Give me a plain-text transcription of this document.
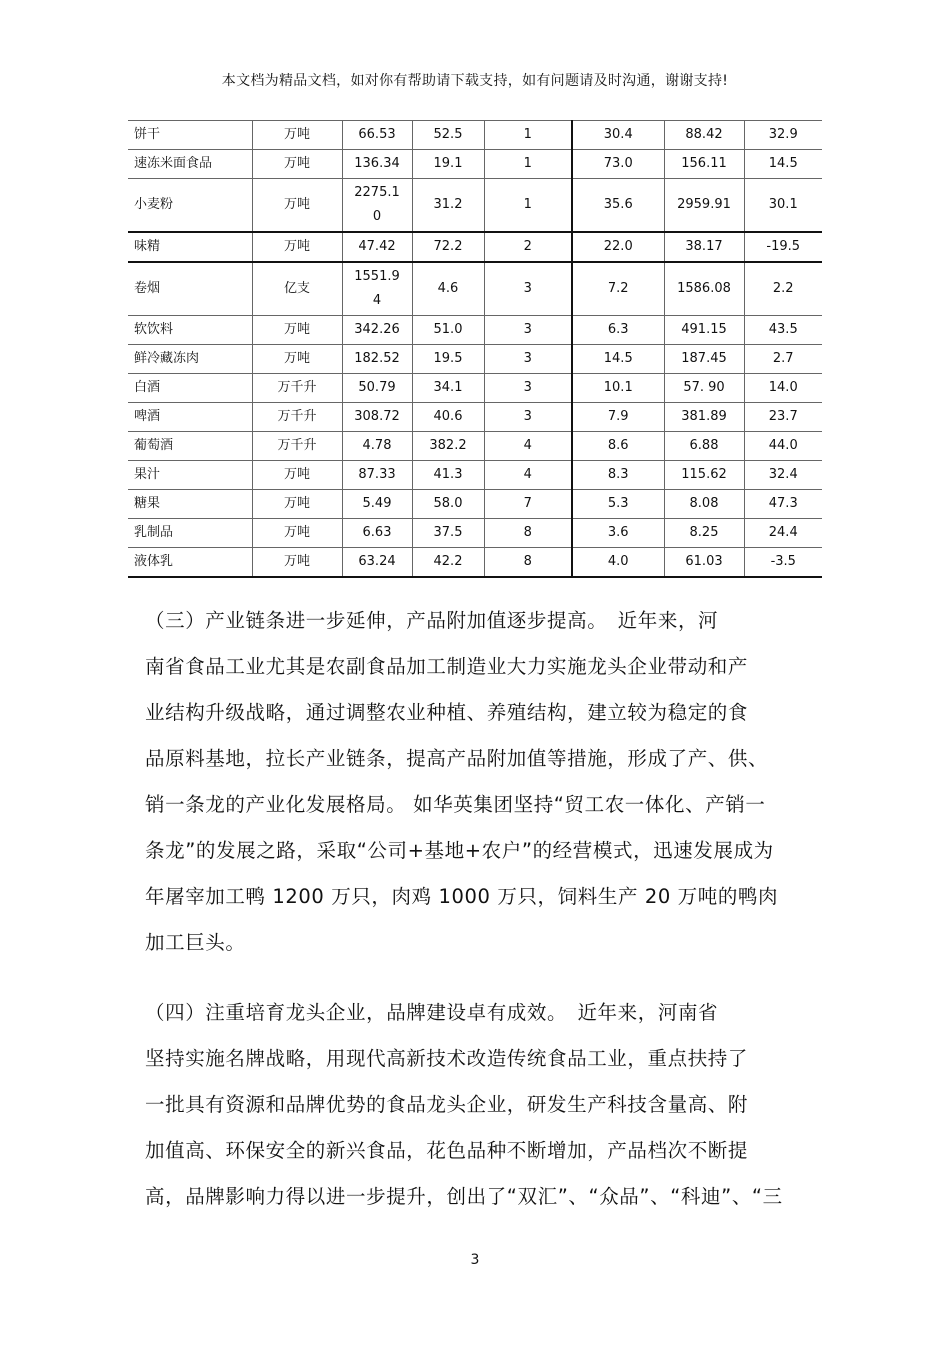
本文档为精品文档，如对你有帮助请下载支持，如有问题请及时沟通，谢谢支持!
饼干	万吨	66.53	52.5	1	30.4	88.42	32.9
速冻米面食品	万吨	136.34	19.1	1	73.0	156.11	14.5
小麦粉	万吨	2275.10	31.2	1	35.6	2959.91	30.1
味精	万吨	47.42	72.2	2	22.0	38.17	-19.5
卷烟	亿支	1551.94	4.6	3	7.2	1586.08	2.2
软饮料	万吨	342.26	51.0	3	6.3	491.15	43.5
鲜冷藏冻肉	万吨	182.52	19.5	3	14.5	187.45	2.7
白酒	万千升	50.79	34.1	3	10.1	57. 90	14.0
啤酒	万千升	308.72	40.6	3	7.9	381.89	23.7
葡萄酒	万千升	4.78	382.2	4	8.6	6.88	44.0
果汁	万吨	87.33	41.3	4	8.3	115.62	32.4
糖果	万吨	5.49	58.0	7	5.3	8.08	47.3
乳制品	万吨	6.63	37.5	8	3.6	8.25	24.4
液体乳	万吨	63.24	42.2	8	4.0	61.03	-3.5

（三）产业链条进一步延伸，产品附加值逐步提高。　近年来，河

南省食品工业尤其是农副食品加工制造业大力实施龙头企业带动和产

业结构升级战略，通过调整农业种植、养殖结构，建立较为稳定的食

品原料基地，拉长产业链条，提高产品附加值等措施，形成了产、供、

销一条龙的产业化发展格局。 如华英集团坚持“贸工农一体化、产销一

条龙”的发展之路，采取“公司+基地+农户”的经营模式，迅速发展成为

年屠宰加工鸭 1200 万只，肉鸡 1000 万只，饲料生产 20 万吨的鸭肉

加工巨头。

（四）注重培育龙头企业，品牌建设卓有成效。　近年来，河南省

坚持实施名牌战略，用现代高新技术改造传统食品工业，重点扶持了

一批具有资源和品牌优势的食品龙头企业，研发生产科技含量高、附

加值高、环保安全的新兴食品，花色品种不断增加，产品档次不断提

高，品牌影响力得以进一步提升，创出了“双汇”、“众品”、“科迪”、“三

3
